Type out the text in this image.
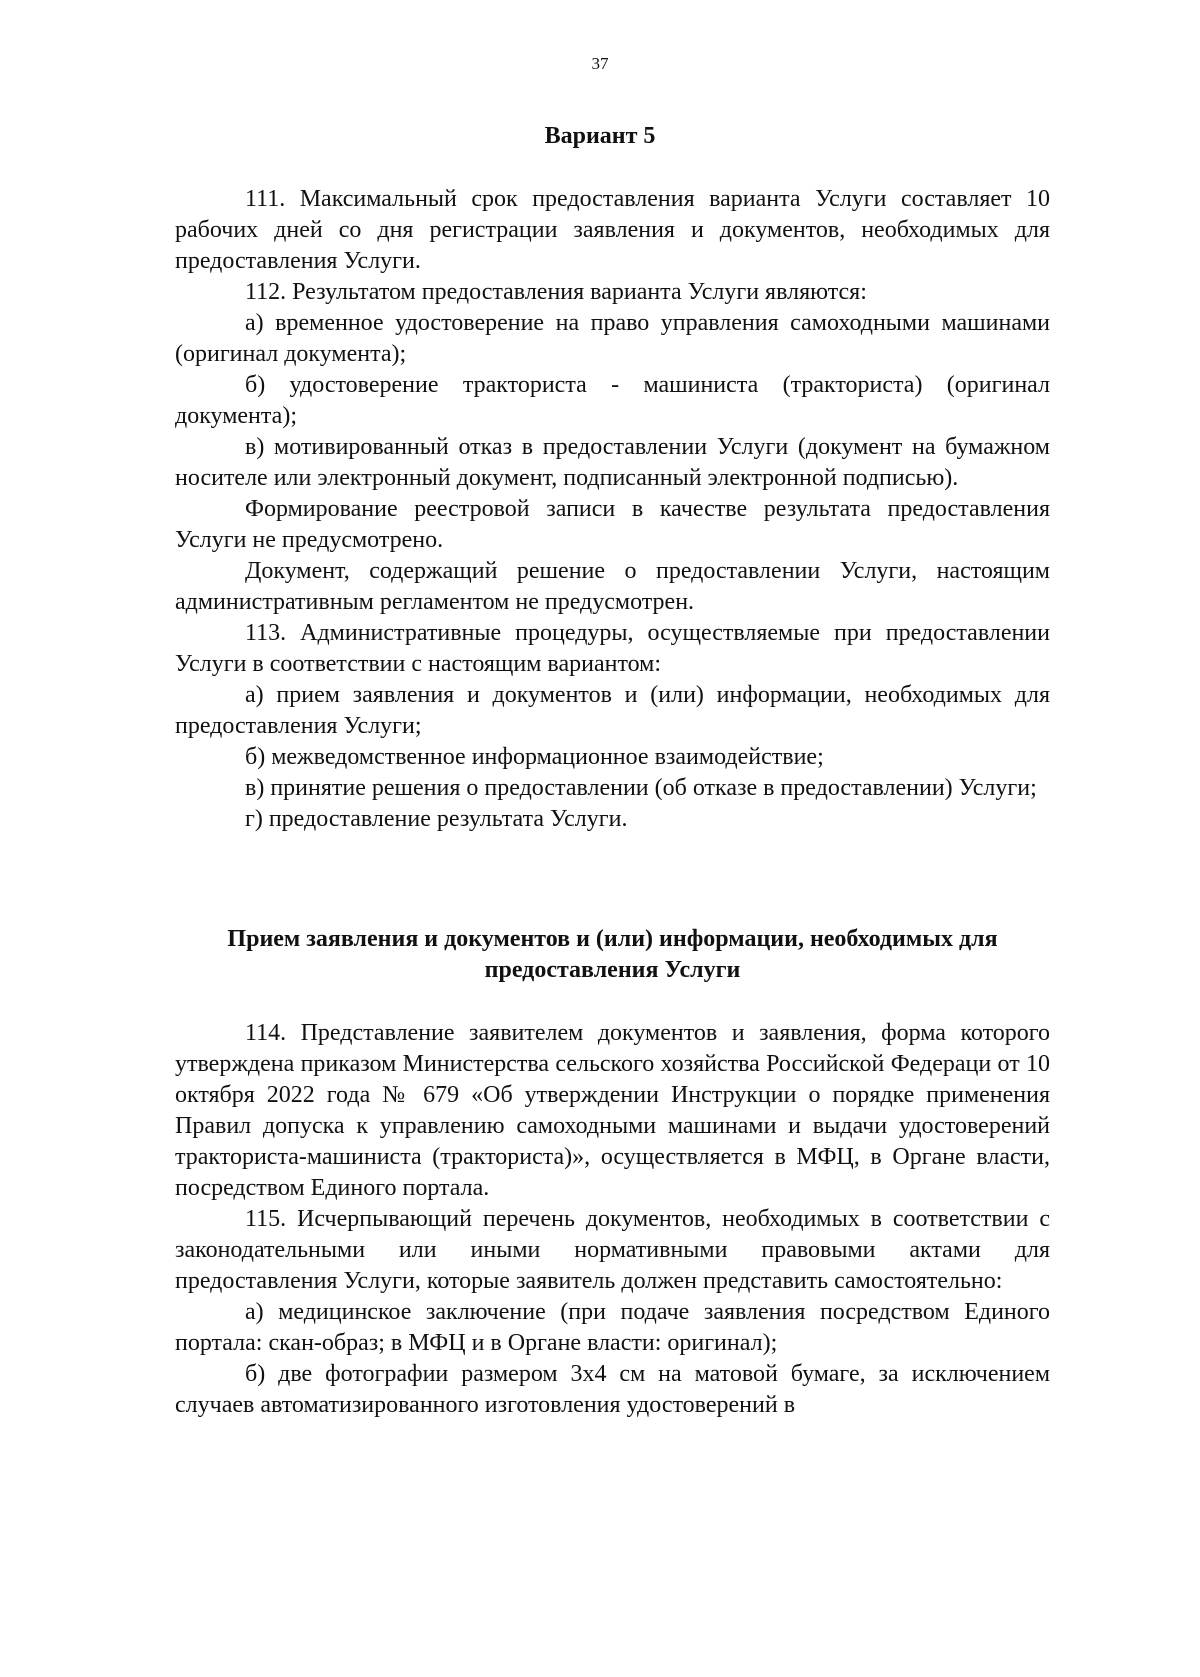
37
Вариант 5

111. Максимальный срок предоставления варианта Услуги составляет 10 рабочих дней со дня регистрации заявления и документов, необходимых для предоставления Услуги.

112. Результатом предоставления варианта Услуги являются:

а) временное удостоверение на право управления самоходными машинами (оригинал документа);

б) удостоверение тракториста - машиниста (тракториста) (оригинал документа);

в) мотивированный отказ в предоставлении Услуги (документ на бумажном носителе или электронный документ, подписанный электронной подписью).

Формирование реестровой записи в качестве результата предоставления Услуги не предусмотрено.

Документ, содержащий решение о предоставлении Услуги, настоящим административным регламентом не предусмотрен.

113. Административные процедуры, осуществляемые при предоставлении Услуги в соответствии с настоящим вариантом:

а) прием заявления и документов и (или) информации, необходимых для предоставления Услуги;

б) межведомственное информационное взаимодействие;

в) принятие решения о предоставлении (об отказе в предоставлении) Услуги;

г) предоставление результата Услуги.

Прием заявления и документов и (или) информации, необходимых для предоставления Услуги

114. Представление заявителем документов и заявления, форма которого утверждена приказом Министерства сельского хозяйства Российской Федераци от 10 октября 2022 года № 679 «Об утверждении Инструкции о порядке применения Правил допуска к управлению самоходными машинами и выдачи удостоверений тракториста-машиниста (тракториста)», осуществляется в МФЦ, в Органе власти, посредством Единого портала.

115. Исчерпывающий перечень документов, необходимых в соответствии с законодательными или иными нормативными правовыми актами для предоставления Услуги, которые заявитель должен представить самостоятельно:

а) медицинское заключение (при подаче заявления посредством Единого портала: скан-образ; в МФЦ и в Органе власти: оригинал);

б) две фотографии размером 3x4 см на матовой бумаге, за исключением случаев автоматизированного изготовления удостоверений в
